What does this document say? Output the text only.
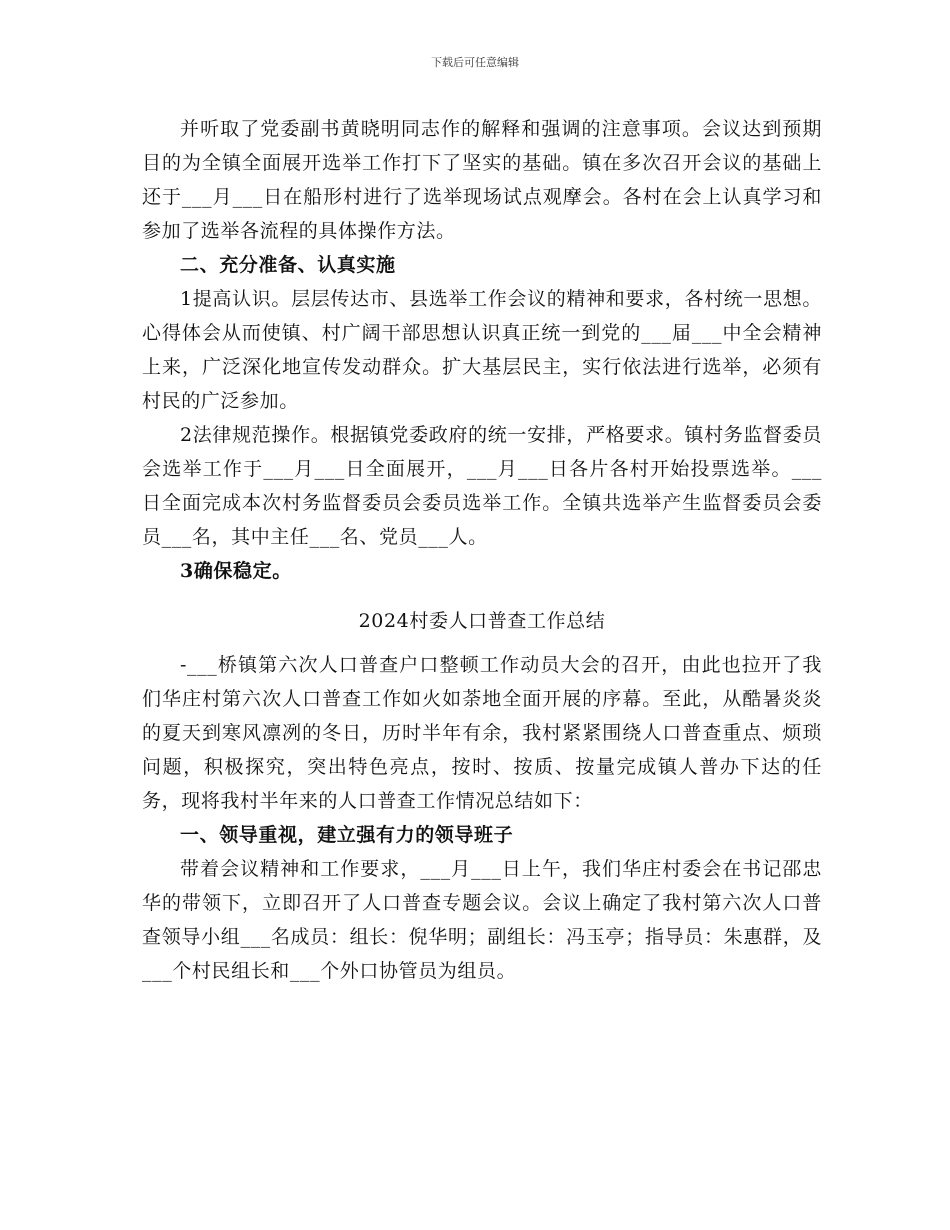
下载后可任意编辑

并听取了党委副书黄晓明同志作的解释和强调的注意事项。会议达到预期目的为全镇全面展开选举工作打下了坚实的基础。镇在多次召开会议的基础上还于___月___日在船形村进行了选举现场试点观摩会。各村在会上认真学习和参加了选举各流程的具体操作方法。

二、充分准备、认真实施

1提高认识。层层传达市、县选举工作会议的精神和要求，各村统一思想。心得体会从而使镇、村广阔干部思想认识真正统一到党的___届___中全会精神上来，广泛深化地宣传发动群众。扩大基层民主，实行依法进行选举，必须有村民的广泛参加。

2法律规范操作。根据镇党委政府的统一安排，严格要求。镇村务监督委员会选举工作于___月___日全面展开，___月___日各片各村开始投票选举。___日全面完成本次村务监督委员会委员选举工作。全镇共选举产生监督委员会委员___名，其中主任___名、党员___人。

3确保稳定。

2024村委人口普查工作总结

-___桥镇第六次人口普查户口整顿工作动员大会的召开，由此也拉开了我们华庄村第六次人口普查工作如火如荼地全面开展的序幕。至此，从酷暑炎炎的夏天到寒风凛冽的冬日，历时半年有余，我村紧紧围绕人口普查重点、烦琐问题，积极探究，突出特色亮点，按时、按质、按量完成镇人普办下达的任务，现将我村半年来的人口普查工作情况总结如下：

一、领导重视，建立强有力的领导班子

带着会议精神和工作要求，___月___日上午，我们华庄村委会在书记邵忠华的带领下，立即召开了人口普查专题会议。会议上确定了我村第六次人口普查领导小组___名成员：组长：倪华明；副组长：冯玉亭；指导员：朱惠群，及___个村民组长和___个外口协管员为组员。
